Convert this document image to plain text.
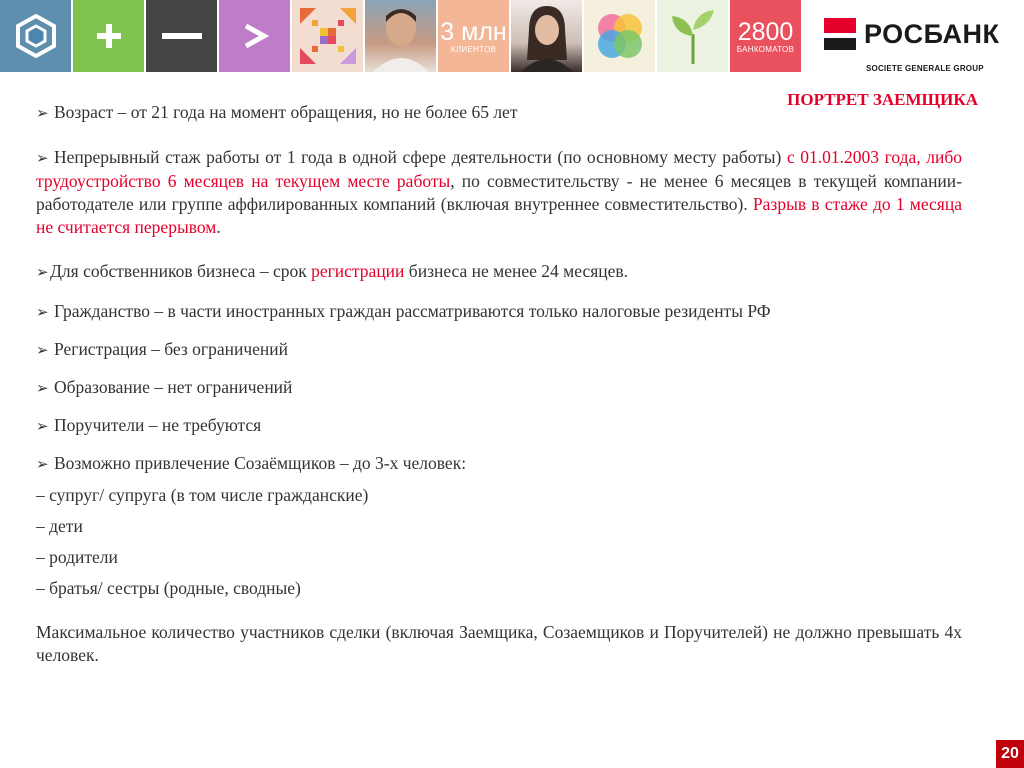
3 млн
КЛИЕНТОВ
2800
БАНКОМАТОВ	РОСБАНК
SOCIETE GENERALE GROUP
ПОРТРЕТ ЗАЕМЩИКА

➢ Возраст – от 21 года на момент обращения, но не более 65 лет

➢ Непрерывный стаж работы от 1 года в одной сфере деятельности (по основному месту работы) с 01.01.2003 года, либо трудоустройство 6 месяцев на текущем месте работы, по совместительству - не менее 6 месяцев в текущей компании-работодателе или группе аффилированных компаний (включая внутреннее совместительство). Разрыв в стаже до 1 месяца не считается перерывом.

➢Для собственников бизнеса – срок регистрации бизнеса не менее 24 месяцев.

➢ Гражданство – в части иностранных граждан рассматриваются только налоговые резиденты РФ

➢ Регистрация – без ограничений

➢ Образование – нет ограничений

➢ Поручители – не требуются

➢ Возможно привлечение Созаёмщиков – до 3-х человек:

– супруг/ супруга (в том числе гражданские)

– дети

– родители

– братья/ сестры (родные, сводные)

Максимальное количество участников сделки (включая Заемщика, Созаемщиков и Поручителей) не должно превышать 4х человек.

20
